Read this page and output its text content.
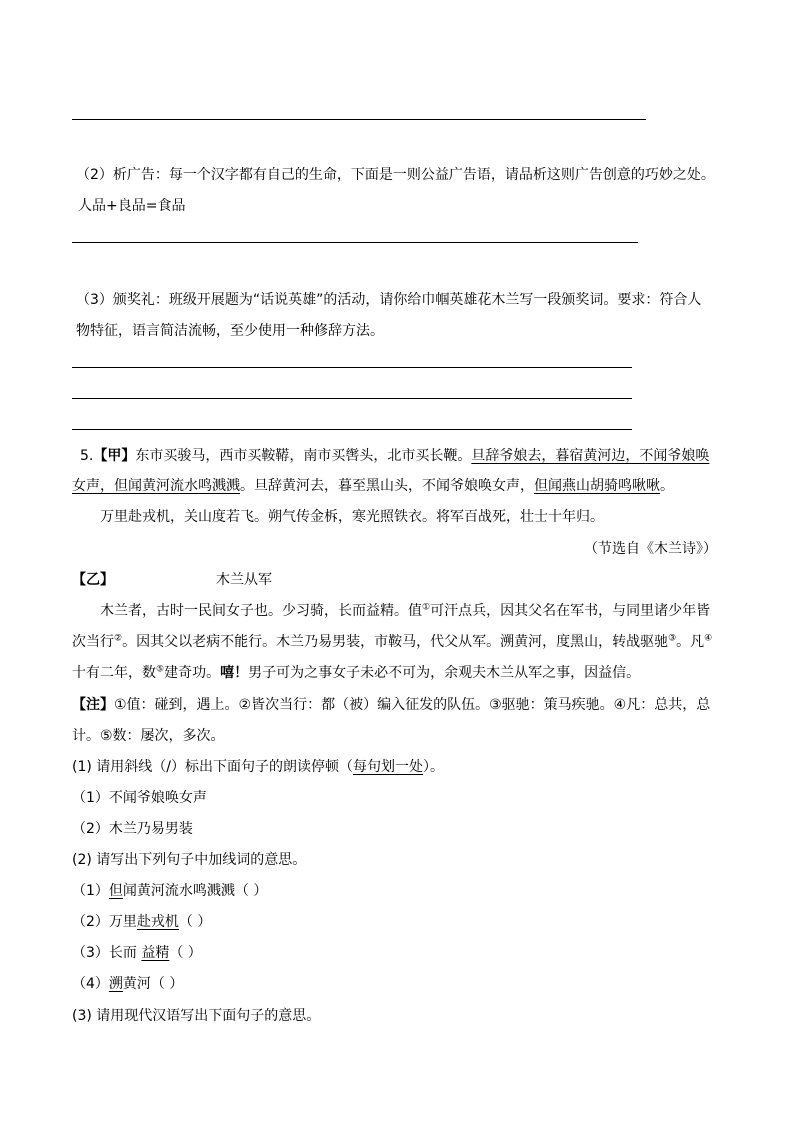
（2）析广告：每一个汉字都有自己的生命，下面是一则公益广告语，请品析这则广告创意的巧妙之处。
人品+良品=食品
（3）颁奖礼：班级开展题为“话说英雄”的活动，请你给巾帼英雄花木兰写一段颁奖词。要求：符合人
物特征，语言简洁流畅，至少使用一种修辞方法。
5.【甲】东市买骏马，西市买鞍鞯，南市买辔头，北市买长鞭。旦辞爷娘去，暮宿黄河边，不闻爷娘唤
女声，但闻黄河流水鸣溅溅。旦辞黄河去，暮至黑山头，不闻爷娘唤女声，但闻燕山胡骑鸣啾啾。
万里赴戎机，关山度若飞。朔气传金柝，寒光照铁衣。将军百战死，壮士十年归。
（节选自《木兰诗》）
【乙】	木兰从军
木兰者，古时一民间女子也。少习骑，长而益精。值①可汗点兵，因其父名在军书，与同里诸少年皆
次当行②。因其父以老病不能行。木兰乃易男装，市鞍马，代父从军。溯黄河，度黑山，转战驱驰③。凡④
十有二年，数⑤建奇功。嘻！男子可为之事女子未必不可为，余观夫木兰从军之事，因益信。
【注】①值：碰到，遇上。②皆次当行：都（被）编入征发的队伍。③驱驰：策马疾驰。④凡：总共，总
计。⑤数：屡次，多次。
(1) 请用斜线（/）标出下面句子的朗读停顿（每句划一处）。
（1）不闻爷娘唤女声
（2）木兰乃易男装
(2) 请写出下列句子中加线词的意思。
（1）但闻黄河流水鸣溅溅（ ）
（2）万里赴戎机（ ）
（3）长而 益精（ ）
（4）溯黄河（ ）
(3) 请用现代汉语写出下面句子的意思。
